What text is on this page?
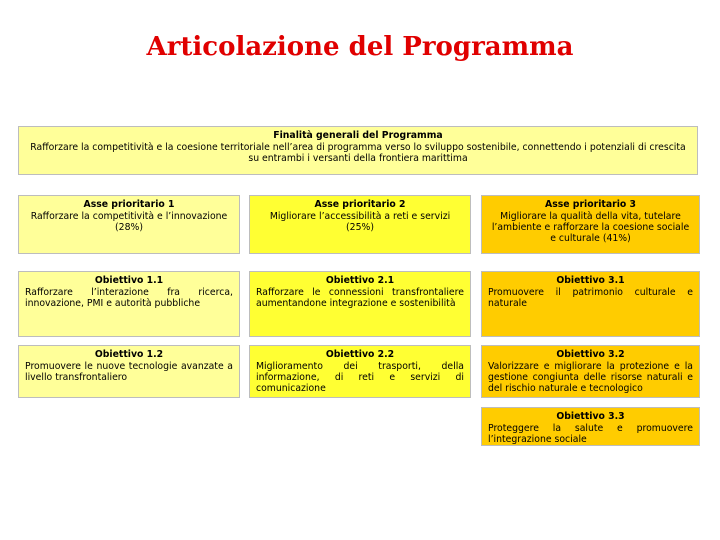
Articolazione del Programma
Finalità generali del Programma
Rafforzare la competitività e la coesione territoriale nell’area di programma verso lo sviluppo sostenibile, connettendo i potenziali di crescita su entrambi i versanti della frontiera marittima
Asse prioritario 1
Rafforzare la competitività e l’innovazione (28%)
Asse prioritario 2
Migliorare l’accessibilità a reti e servizi (25%)
Asse prioritario 3
Migliorare la qualità della vita, tutelare l’ambiente e rafforzare la coesione sociale e culturale (41%)
Obiettivo 1.1
Rafforzare l’interazione fra ricerca, innovazione, PMI e autorità pubbliche
Obiettivo 2.1
Rafforzare le connessioni transfrontaliere aumentandone integrazione e sostenibilità
Obiettivo 3.1
Promuovere il patrimonio culturale e naturale
Obiettivo 1.2
Promuovere le nuove tecnologie avanzate a livello transfrontaliero
Obiettivo 2.2
Miglioramento dei trasporti, della informazione, di reti e servizi di comunicazione
Obiettivo 3.2
Valorizzare e migliorare la protezione e la gestione congiunta delle risorse naturali e del rischio naturale e tecnologico
Obiettivo 3.3
Proteggere la salute e promuovere l’integrazione sociale
